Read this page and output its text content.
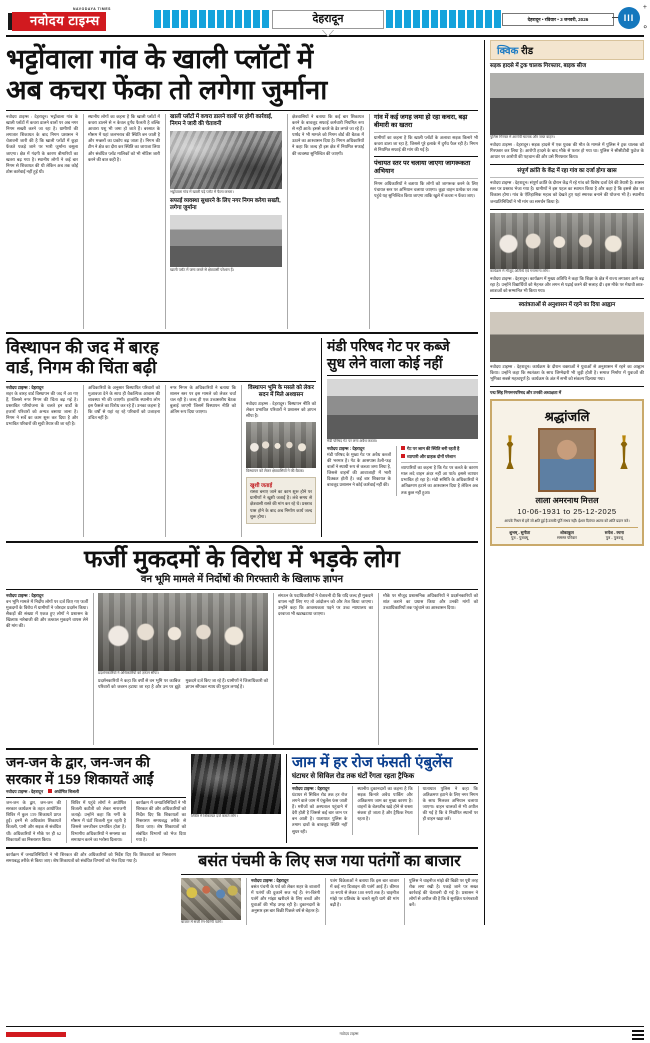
NAVODAYA TIMES
नवोदय टाइम्स	देहरादून	देहरादून • रविवार • 3 जनवरी, 2026	III
+
०
भट्टोंवाला गांव के खाली प्लॉटों में
अब कचरा फेंका तो लगेगा जुर्माना
नवोदय टाइम्स : देहरादून। भट्टोंवाला गांव के खाली प्लॉटों में कचरा डालने वालों पर अब नगर निगम सख्ती करने जा रहा है। ग्रामीणों की लगातार शिकायत के बाद निगम प्रशासन ने चेतावनी जारी की है कि खाली प्लॉटों में कूड़ा फेंकते पकड़े जाने पर भारी जुर्माना वसूला जाएगा। क्षेत्र में गंदगी के कारण बीमारियों का खतरा बढ़ गया है। स्थानीय लोगों ने कई बार निगम से शिकायत की थी लेकिन अब तक कोई ठोस कार्रवाई नहीं हुई थी।
स्थानीय लोगों का कहना है कि खाली प्लॉटों में कचरा डालने से न केवल दुर्गंध फैलती है बल्कि आवारा पशु भी जमा हो जाते हैं। बरसात के मौसम में यहां जलभराव की स्थिति बन जाती है और मच्छरों का प्रकोप बढ़ जाता है। निगम की टीम ने क्षेत्र का दौरा कर स्थिति का जायजा लिया और संबंधित प्लॉट मालिकों को भी नोटिस जारी करने की बात कही है।
खाली प्लॉटों में कचरा डालने वालों पर होगी कार्रवाई, निगम ने जारी की चेतावनी
भट्टोंवाला गांव में खाली पड़े प्लॉट में फैला कचरा।
सफाई व्यवस्था सुधारने के लिए नगर निगम करेगा सख्ती, लगेगा जुर्माना
खाली प्लॉट में जमा कचरे से क्षेत्रवासी परेशान हैं।
क्षेत्रवासियों ने बताया कि कई बार शिकायत करने के बावजूद सफाई कर्मचारी नियमित रूप से नहीं आते। इससे कचरे के ढेर लगते जा रहे हैं। पार्षद ने भी मामले को निगम बोर्ड की बैठक में उठाने का आश्वासन दिया है। निगम अधिकारियों ने कहा कि जल्द ही इस क्षेत्र में नियमित सफाई की व्यवस्था सुनिश्चित की जाएगी।
गांव में कई जगह जमा हो रहा कचरा, बढ़ा बीमारी का खतरा
ग्रामीणों का कहना है कि खाली प्लॉटों के अलावा सड़क किनारे भी कचरा डाला जा रहा है, जिससे पूरे इलाके में दुर्गंध फैल रही है। निगम से नियमित सफाई की मांग की गई है।
पंचायत स्तर पर चलाया जाएगा जागरूकता अभियान
निगम अधिकारियों ने बताया कि लोगों को जागरूक करने के लिए पंचायत स्तर पर अभियान चलाया जाएगा। कूड़ा वाहन प्रत्येक घर तक पहुंचे यह सुनिश्चित किया जाएगा ताकि खुले में कचरा न फेंका जाए।
विस्थापन की जद में बारह
वार्ड, निगम की चिंता बढ़ी
नवोदय टाइम्स : देहरादून
शहर के बारह वार्ड विस्थापन की जद में आ गए हैं, जिससे नगर निगम की चिंता बढ़ गई है। प्रस्तावित परियोजना के चलते इन वार्डों के हजारों परिवारों को अन्यत्र बसाया जाना है। निगम ने सर्वे का काम शुरू कर दिया है और प्रभावित परिवारों की सूची तैयार की जा रही है।
अधिकारियों के अनुसार विस्थापित परिवारों को मुआवजा देने के साथ ही वैकल्पिक आवास की व्यवस्था भी की जाएगी। हालांकि स्थानीय लोग इस फैसले का विरोध कर रहे हैं। उनका कहना है कि वर्षों से यहां रह रहे परिवारों को उजाड़ना उचित नहीं है।
नगर निगम के अधिकारियों ने बताया कि शासन स्तर पर इस मामले को लेकर चर्चा चल रही है। जल्द ही एक उच्चस्तरीय बैठक बुलाई जाएगी जिसमें विस्थापन नीति को अंतिम रूप दिया जाएगा।
विस्थापन भूमि के मसले को लेकर सदन में मिले अश्वासन
नवोदय टाइम्स : देहरादून। विस्थापन नीति को लेकर प्रभावित परिवारों ने प्रशासन को ज्ञापन सौंपा है।
विस्थापन को लेकर क्षेत्रवासियों ने की बैठक।
खुशी जताई
रास्ता बनाए जाने का काम शुरू होने पर ग्रामीणों ने खुशी जताई है। लंबे समय से क्षेत्रवासी रास्ते की मांग कर रहे थे। प्रस्ताव पास होने के बाद अब निर्माण कार्य जल्द शुरू होगा।
मंडी परिषद गेट पर कब्जे
सुध लेने वाला कोई नहीं
मंडी परिषद गेट पर लगा अवैध कब्जा।
नवोदय टाइम्स : देहरादून
मंडी परिषद के मुख्य गेट पर अवैध कब्जों की भरमार है। गेट के आसपास ठेली-फड़ वालों ने स्थायी रूप से कब्जा जमा लिया है, जिससे वाहनों की आवाजाही में भारी दिक्कत होती है। कई बार शिकायत के बावजूद प्रशासन ने कोई कार्रवाई नहीं की।
गेट पर जाम की स्थिति बनी रहती है
व्यापारी और ग्राहक दोनों परेशान
व्यापारियों का कहना है कि गेट पर कब्जे के कारण माल लदे वाहन अंदर नहीं आ पाते। इससे व्यापार प्रभावित हो रहा है। मंडी समिति के अधिकारियों ने अतिक्रमण हटाने का आश्वासन दिया है लेकिन अब तक कुछ नहीं हुआ।
फर्जी मुकदमों के विरोध में भड़के लोग
वन भूमि मामले में निर्दोषों की गिरफ्तारी के खिलाफ ज्ञापन
नवोदय टाइम्स : देहरादून
वन भूमि मामले में निर्दोष लोगों पर दर्ज किए गए फर्जी मुकदमों के विरोध में ग्रामीणों ने जोरदार प्रदर्शन किया। सैकड़ों की संख्या में एकत्र हुए लोगों ने प्रशासन के खिलाफ नारेबाजी की और तत्काल मुकदमे वापस लेने की मांग की।
प्रदर्शनकारियों ने अधिकारियों को ज्ञापन सौंपा।
प्रदर्शनकारियों ने कहा कि वर्षों से वन भूमि पर काबिज परिवारों को जबरन हटाया जा रहा है और उन पर झूठे मुकदमे दर्ज किए जा रहे हैं। ग्रामीणों ने जिलाधिकारी को ज्ञापन सौंपकर न्याय की गुहार लगाई है।
संगठन के पदाधिकारियों ने चेतावनी दी कि यदि जल्द ही मुकदमे वापस नहीं लिए गए तो आंदोलन को और तेज किया जाएगा। उन्होंने कहा कि आवश्यकता पड़ने पर उच्च न्यायालय का दरवाजा भी खटखटाया जाएगा।
मौके पर मौजूद प्रशासनिक अधिकारियों ने प्रदर्शनकारियों को शांत कराने का प्रयास किया और उनकी मांगों को उच्चाधिकारियों तक पहुंचाने का आश्वासन दिया।
जन-जन के द्वार, जन-जन की
सरकार में 159 शिकायतें आईं
नवोदय टाइम्स : देहरादून	अघोषित बिजली
जन-जन के द्वार, जन-जन की सरकार कार्यक्रम के तहत आयोजित शिविर में कुल 159 शिकायतें प्राप्त हुईं। इनमें से अधिकांश शिकायतें बिजली, पानी और सड़क से संबंधित थीं। अधिकारियों ने मौके पर ही 62 शिकायतों का निस्तारण किया।
शिविर में पहुंचे लोगों ने अघोषित बिजली कटौती को लेकर नाराजगी जताई। उन्होंने कहा कि गर्मी के मौसम में घंटों बिजली गुल रहती है जिससे जनजीवन प्रभावित होता है। विभागीय अधिकारियों ने समस्या का समाधान करने का भरोसा दिलाया।
कार्यक्रम में जनप्रतिनिधियों ने भी शिरकत की और अधिकारियों को निर्देश दिए कि शिकायतों का निस्तारण समयबद्ध तरीके से किया जाए। शेष शिकायतों को संबंधित विभागों को भेज दिया गया है।
शिविर में शिकायत दर्ज कराते लोग।
जाम में हर रोज फंसती एंबुलेंस
घंटाघर से सिविल रोड तक घंटों रेंगता रहता ट्रैफिक
नवोदय टाइम्स : देहरादून
घंटाघर से सिविल रोड तक हर रोज लगने वाले जाम में एंबुलेंस फंस जाती हैं। मरीजों को अस्पताल पहुंचाने में देरी होती है जिससे कई बार जान पर बन आती है। यातायात पुलिस के तमाम दावों के बावजूद स्थिति नहीं सुधर रही।
स्थानीय दुकानदारों का कहना है कि सड़क किनारे अवैध पार्किंग और अतिक्रमण जाम का मुख्य कारण है। वाहनों के बेतरतीब खड़े होने से रास्ता संकरा हो जाता है और ट्रैफिक रेंगता रहता है।
यातायात पुलिस ने कहा कि अतिक्रमण हटाने के लिए नगर निगम के साथ मिलकर अभियान चलाया जाएगा। वाहन चालकों से भी अपील की गई है कि वे निर्धारित स्थानों पर ही वाहन खड़ा करें।
कार्यक्रम में जनप्रतिनिधियों ने भी शिरकत की और अधिकारियों को निर्देश दिए कि शिकायतों का निस्तारण समयबद्ध तरीके से किया जाए। शेष शिकायतों को संबंधित विभागों को भेज दिया गया है।	बसंत पंचमी के लिए सज गया पतंगों का बाजार
बाजार में सजी रंग-बिरंगी पतंगें।
नवोदय टाइम्स : देहरादून
बसंत पंचमी के पर्व को लेकर शहर के बाजारों में पतंगों की दुकानें सज गई हैं। रंग-बिरंगी पतंगें और मांझा खरीदने के लिए बच्चों और युवाओं की भीड़ उमड़ रही है। दुकानदारों के अनुसार इस बार बिक्री पिछले वर्ष से बेहतर है।
पतंग विक्रेताओं ने बताया कि इस बार बाजार में कई नए डिजाइन की पतंगें आई हैं। कीमत 10 रुपये से लेकर 100 रुपये तक है। चाइनीज मांझे पर प्रतिबंध के चलते सूती धागे की मांग बढ़ी है।
पुलिस ने चाइनीज मांझे की बिक्री पर पूरी तरह रोक लगा रखी है। पकड़े जाने पर सख्त कार्रवाई की चेतावनी दी गई है। प्रशासन ने लोगों से अपील की है कि वे सुरक्षित पतंगबाजी करें।
क्विक रीड
सड़क हादसे में ट्रक चालक गिरफ्तार, बाइक सीज
पुलिस गिरफ्त में आरोपी चालक और जब्त वाहन।
नवोदय टाइम्स : देहरादून। सड़क हादसे में एक युवक की मौत के मामले में पुलिस ने ट्रक चालक को गिरफ्तार कर लिया है। आरोपी हादसे के बाद मौके से फरार हो गया था। पुलिस ने सीसीटीवी फुटेज के आधार पर आरोपी की पहचान की और उसे गिरफ्तार किया।
संपूर्ण क्रांति के केंद्र में रहा गांव का दर्जा होगा खास
नवोदय टाइम्स : देहरादून। संपूर्ण क्रांति के दौरान केंद्र में रहे गांव को विशेष दर्जा देने की तैयारी है। शासन स्तर पर प्रस्ताव भेजा गया है। ग्रामीणों ने इस पहल का स्वागत किया है और कहा है कि इससे क्षेत्र का विकास होगा। गांव के ऐतिहासिक महत्व को देखते हुए यहां स्मारक बनाने की योजना भी है। स्थानीय जनप्रतिनिधियों ने भी मांग का समर्थन किया है।
कार्यक्रम में मौजूद अतिथि एवं गणमान्य लोग।
नवोदय टाइम्स : देहरादून। कार्यक्रम में मुख्य अतिथि ने कहा कि शिक्षा के क्षेत्र में राज्य लगातार आगे बढ़ रहा है। उन्होंने विद्यार्थियों को मेहनत और लगन से पढ़ाई करने की सलाह दी। इस मौके पर मेधावी छात्र-छात्राओं को सम्मानित भी किया गया।
स्वतंत्रताओं से अनुशासन में रहने का दिया आह्वान
नवोदय टाइम्स : देहरादून। कार्यक्रम के दौरान वक्ताओं ने युवाओं से अनुशासन में रहने का आह्वान किया। उन्होंने कहा कि स्वतंत्रता के साथ जिम्मेदारी भी जुड़ी होती है। समाज निर्माण में युवाओं की भूमिका सबसे महत्वपूर्ण है। कार्यक्रम के अंत में सभी को संकल्प दिलाया गया।
पद्म सिंह निगमनपरिषद और उनकी अध्यक्षता में
श्रद्धांजलि
लाला अमरनाथ मित्तल
10-06-1931 to 25-12-2025
आपके निधन से हमें जो क्षति हुई है उसकी पूर्ति संभव नहीं। ईश्वर दिवंगत आत्मा को शांति प्रदान करे।
शुभम् - सुनीता
पुत्र - पुत्रवधू
शोकाकुल
समस्त परिवार
रूपेश - रचना
पुत्र - पुत्रवधू
नवोदय टाइम्स
